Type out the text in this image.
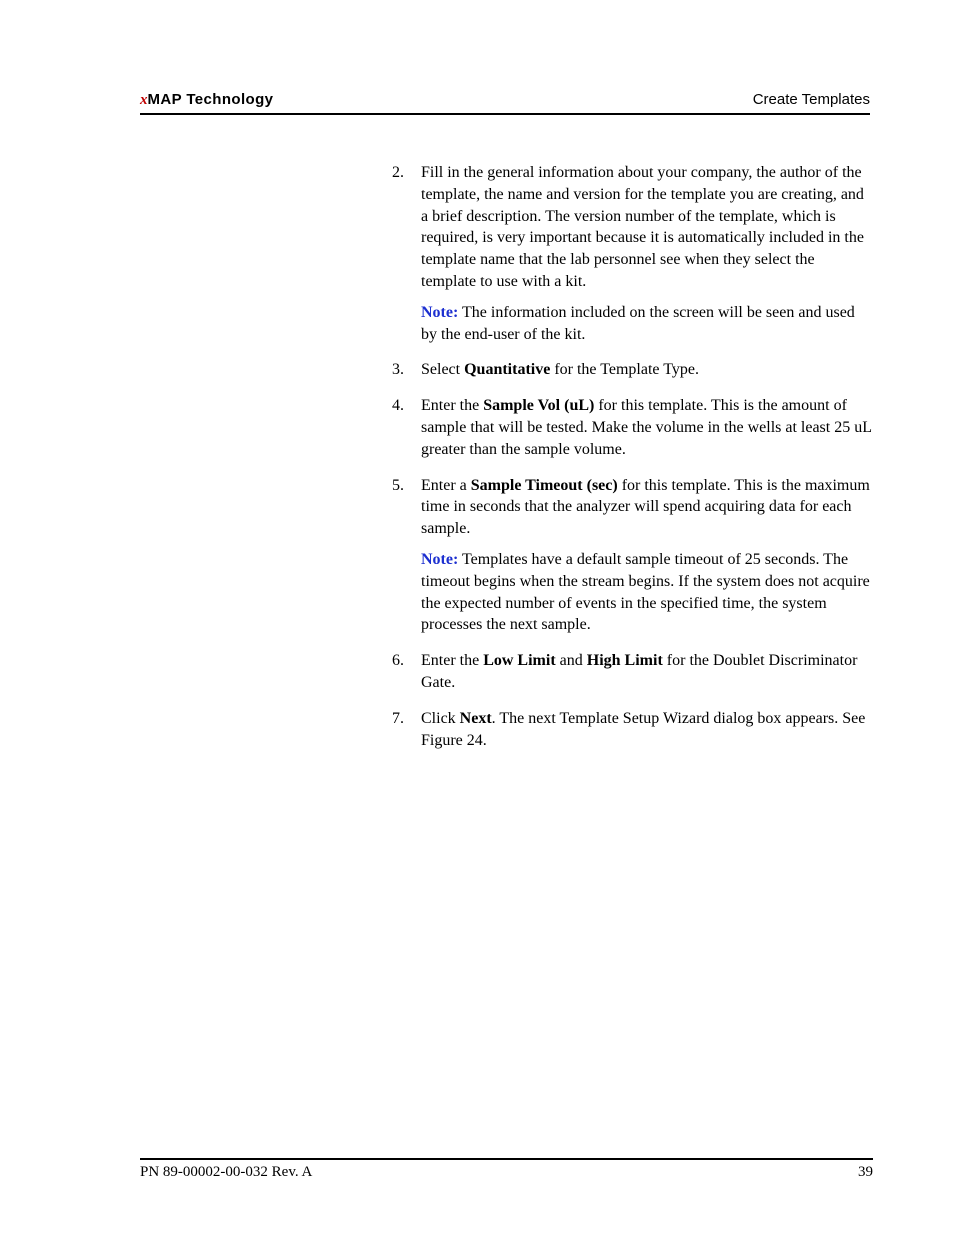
xMAP Technology	Create Templates
2. Fill in the general information about your company, the author of the template, the name and version for the template you are creating, and a brief description. The version number of the template, which is required, is very important because it is automatically included in the template name that the lab personnel see when they select the template to use with a kit.
Note: The information included on the screen will be seen and used by the end-user of the kit.
3. Select Quantitative for the Template Type.
4. Enter the Sample Vol (uL) for this template. This is the amount of sample that will be tested. Make the volume in the wells at least 25 uL greater than the sample volume.
5. Enter a Sample Timeout (sec) for this template. This is the maximum time in seconds that the analyzer will spend acquiring data for each sample.
Note: Templates have a default sample timeout of 25 seconds. The timeout begins when the stream begins. If the system does not acquire the expected number of events in the specified time, the system processes the next sample.
6. Enter the Low Limit and High Limit for the Doublet Discriminator Gate.
7. Click Next. The next Template Setup Wizard dialog box appears. See Figure 24.
PN 89-00002-00-032 Rev. A	39
